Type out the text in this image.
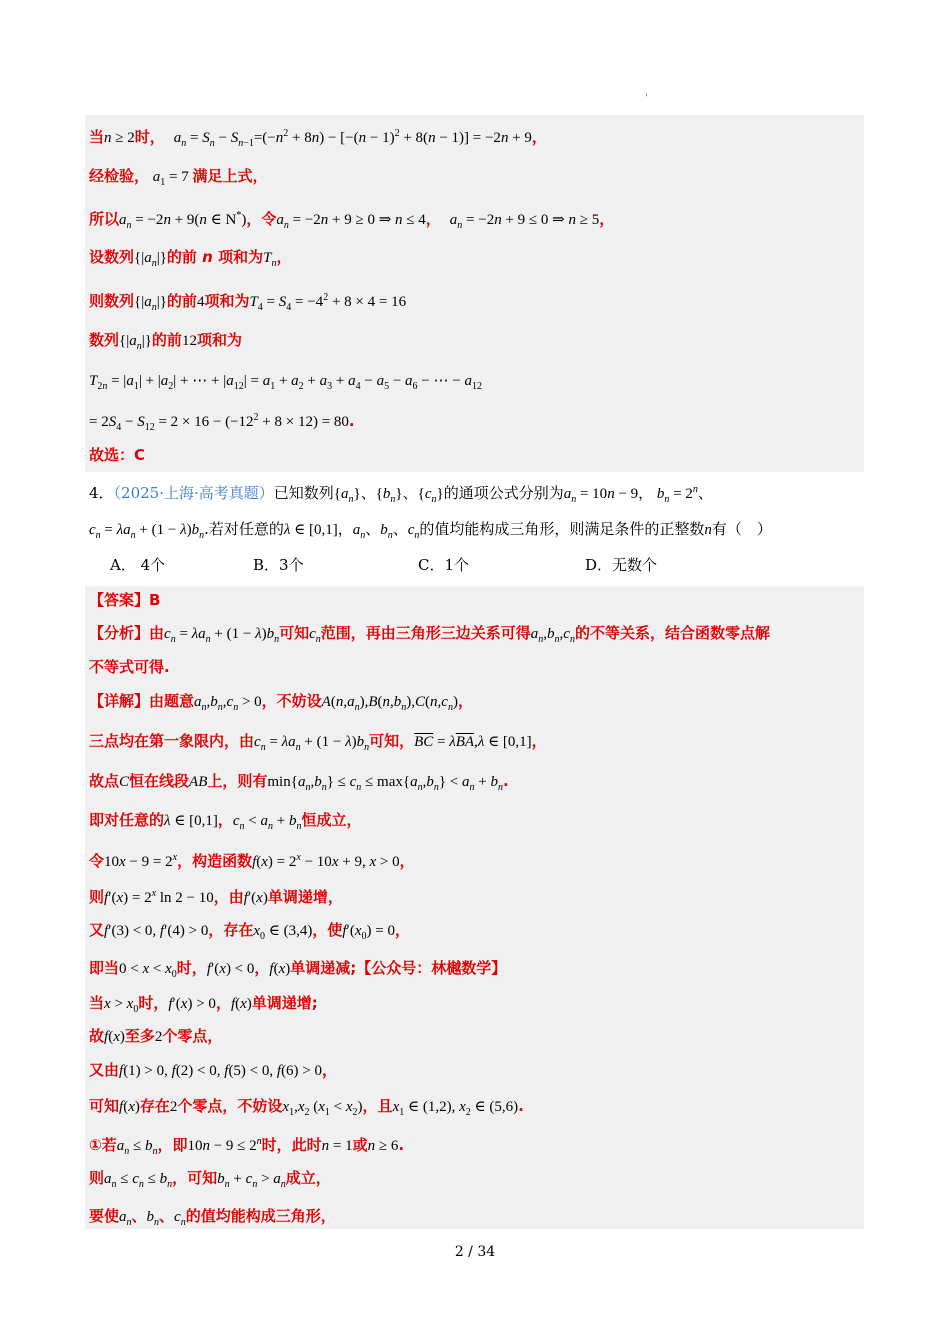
'
当n ≥ 2时， $a_n = S_n - S_{n-1}=(-n^2 + 8n) - [-(n - 1)^2 + 8(n - 1)] = -2n + 9$，
经检验， $a_1 = 7$ 满足上式，
所以$a_n = -2n + 9(n$ ∈ N*)，令$a_n = -2n + 9 \ge 0$ ⇒ n ≤ 4， $a_n = -2n + 9 \le 0$ ⇒ n ≥ 5，
设数列$\{|a_n|\}$的前 n 项和为$T_n$，
则数列$\{|a_n|\}$的前4项和为$T_4 = S_4 = -4^2 + 8 \times 4 = 16$
数列$\{|a_n|\}$的前12项和为
$T_{2n} = |a_1| + |a_2|$ + ⋯ + $|a_{12}| = a_1 + a_2 + a_3 + a_4 - a_5 - a_6$ − ⋯ − $a_{12}$
= $2S_4 - S_{12} = 2 \times 16 - (-12^2 + 8 \times 12) = 80$.
故选：C
4．（2025·上海·高考真题）已知数列$\{a_n\}$、$\{b_n\}$、$\{c_n\}$的通项公式分别为$a_n = 10n - 9$， $b_n = 2^n$、
$c_n = \lambda a_n + (1 - \lambda)b_n$.若对任意的λ ∈ [0,1]，$a_n$、$b_n$、$c_n$的值均能构成三角形，则满足条件的正整数n有（　）
A． 4个	B．3个	C．1个	D．无数个
【答案】B
【分析】由$c_n = \lambda a_n + (1 - \lambda)b_n$可知$c_n$范围，再由三角形三边关系可得$a_n,b_n,c_n$的不等关系，结合函数零点解
不等式可得.
【详解】由题意$a_n,b_n,c_n > 0$，不妨设$A(n,a_n),B(n,b_n),C(n,c_n)$，
三点均在第一象限内，由$c_n = \lambda a_n + (1 - \lambda)b_n$可知，$\overline{BC} = \lambda\overline{BA},\lambda$ ∈ [0,1]，
故点C恒在线段AB上，则有$\min\{a_n,b_n\} \le c_n \le \max\{a_n,b_n\} < a_n + b_n$.
即对任意的λ ∈ [0,1]，$c_n < a_n + b_n$恒成立，
令$10x - 9 = 2^x$，构造函数$f(x) = 2^x - 10x + 9$, x > 0，
则$f'(x) = 2^x$ ln 2 − 10，由f′(x)单调递增，
又f′(3) < 0, f′(4) > 0，存在$x_0$ ∈ (3,4)，使$f'(x_0) = 0$，
即当$0 < x < x_0$时，f′(x) < 0，f(x)单调递减;【公众号：林樾数学】
当$x > x_0$时，f′(x) > 0，f(x)单调递增;
故f(x)至多2个零点，
又由f(1) > 0, f(2) < 0, f(5) < 0, f(6) > 0，
可知f(x)存在2个零点，不妨设$x_1,x_2$ $(x_1 < x_2)$，且$x_1$ ∈ (1,2), $x_2$ ∈ (5,6).
①若$a_n \le b_n$，即$10n - 9 \le 2^n$时，此时n = 1或n ≥ 6.
则$a_n \le c_n \le b_n$，可知$b_n + c_n > a_n$成立，
要使$a_n$、$b_n$、$c_n$的值均能构成三角形，
2 / 34
